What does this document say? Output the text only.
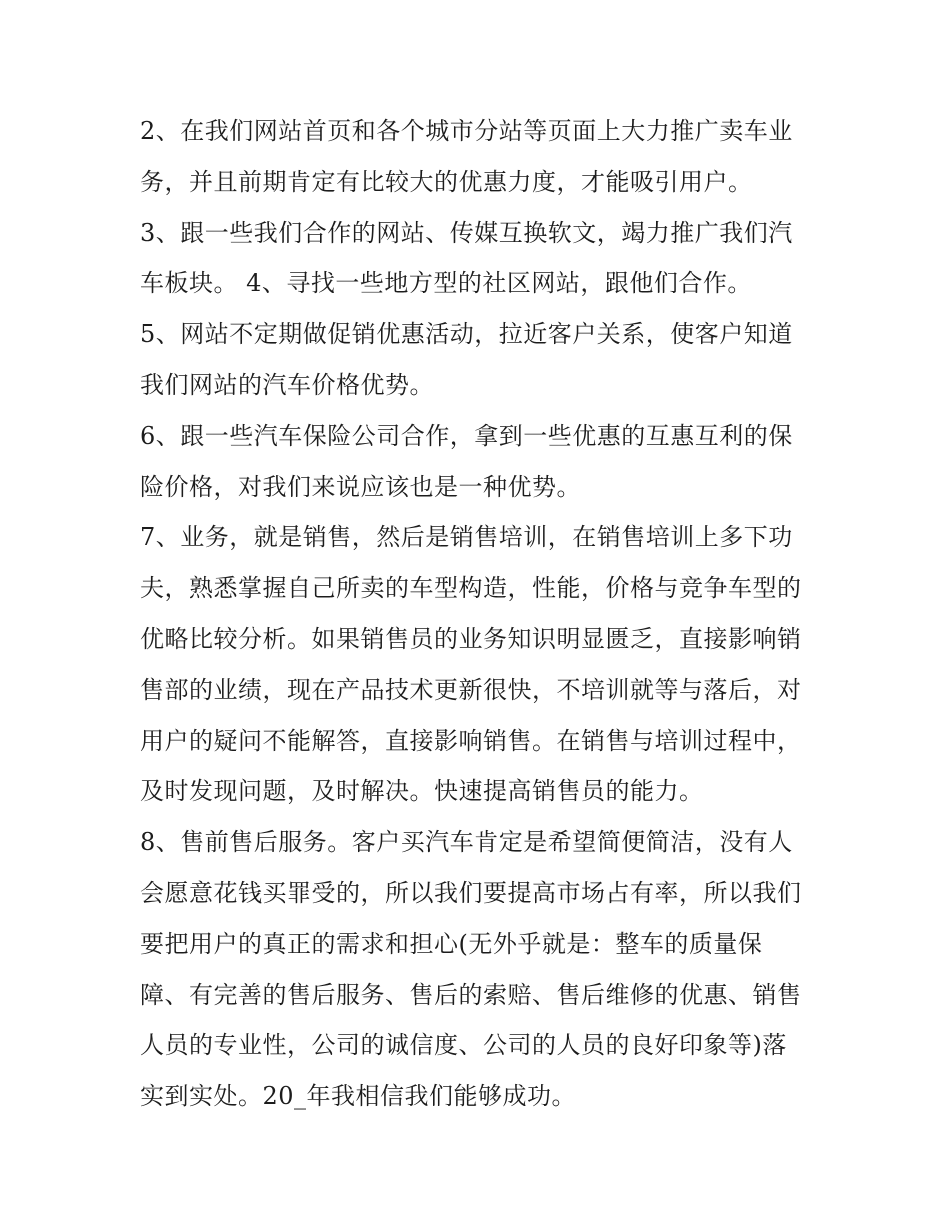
2、在我们网站首页和各个城市分站等页面上大力推广卖车业
务，并且前期肯定有比较大的优惠力度，才能吸引用户。
3、跟一些我们合作的网站、传媒互换软文，竭力推广我们汽
车板块。 4、寻找一些地方型的社区网站，跟他们合作。
5、网站不定期做促销优惠活动，拉近客户关系，使客户知道
我们网站的汽车价格优势。
6、跟一些汽车保险公司合作，拿到一些优惠的互惠互利的保
险价格，对我们来说应该也是一种优势。
7、业务，就是销售，然后是销售培训，在销售培训上多下功
夫，熟悉掌握自己所卖的车型构造，性能，价格与竞争车型的
优略比较分析。如果销售员的业务知识明显匮乏，直接影响销
售部的业绩，现在产品技术更新很快，不培训就等与落后，对
用户的疑问不能解答，直接影响销售。在销售与培训过程中，
及时发现问题，及时解决。快速提高销售员的能力。
8、售前售后服务。客户买汽车肯定是希望简便简洁，没有人
会愿意花钱买罪受的，所以我们要提高市场占有率，所以我们
要把用户的真正的需求和担心(无外乎就是：整车的质量保
障、有完善的售后服务、售后的索赔、售后维修的优惠、销售
人员的专业性，公司的诚信度、公司的人员的良好印象等)落
实到实处。20_年我相信我们能够成功。
